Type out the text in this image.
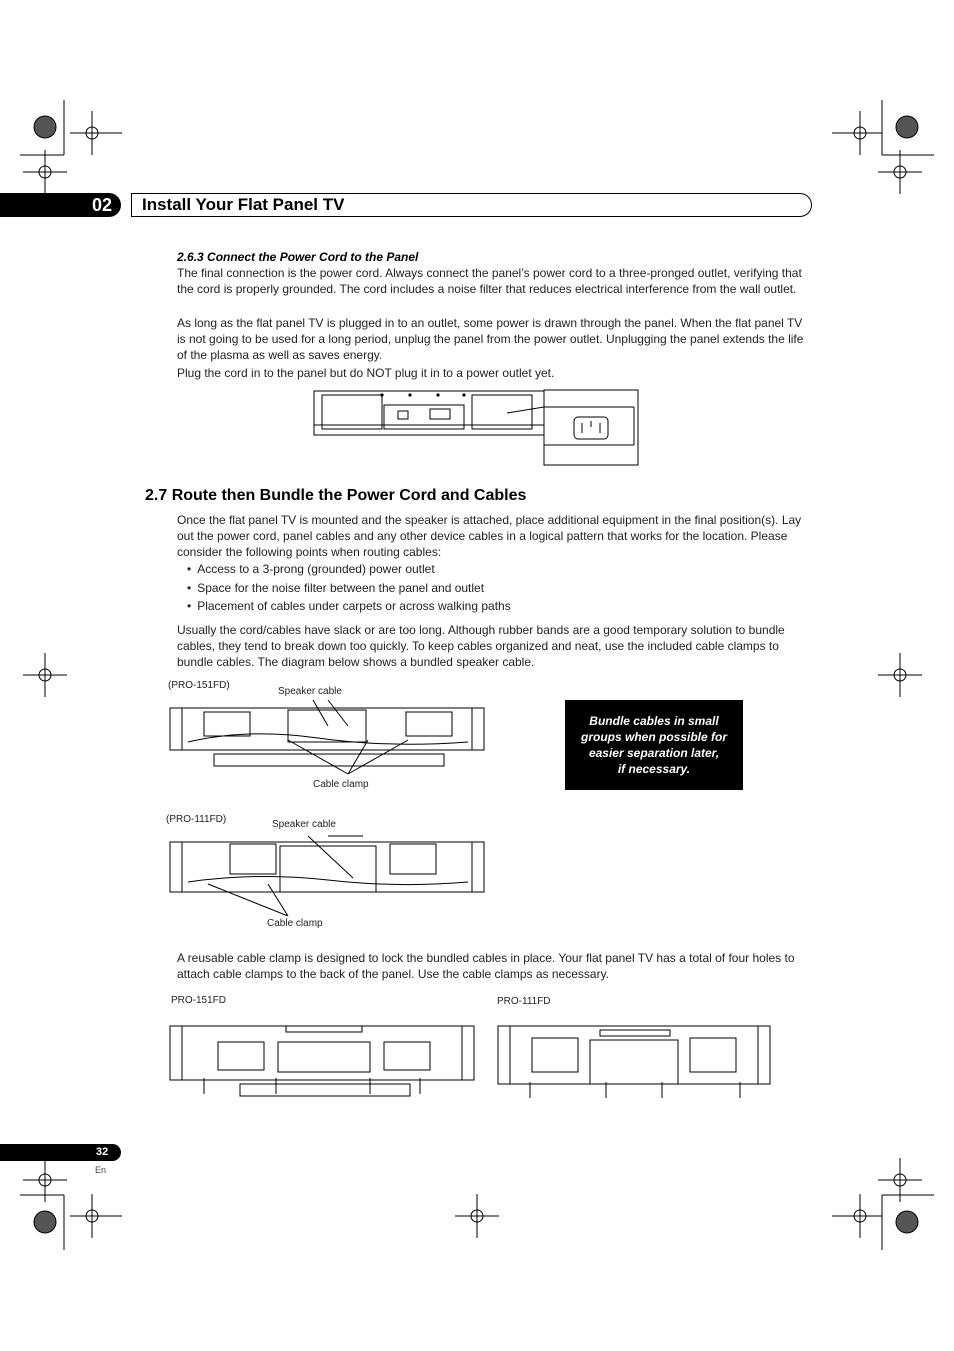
02	Install Your Flat Panel TV
2.6.3 Connect the Power Cord to the Panel

The final connection is the power cord. Always connect the panel’s power cord to a three-pronged outlet, verifying that the cord is properly grounded. The cord includes a noise filter that reduces electrical interference from the wall outlet.

As long as the flat panel TV is plugged in to an outlet, some power is drawn through the panel. When the flat panel TV is not going to be used for a long period, unplug the panel from the power outlet. Unplugging the panel extends the life of the plasma as well as saves energy.

Plug the cord in to the panel but do NOT plug it in to a power outlet yet.

2.7 Route then Bundle the Power Cord and Cables

Once the flat panel TV is mounted and the speaker is attached, place additional equipment in the final position(s). Lay out the power cord, panel cables and any other device cables in a logical pattern that works for the location. Please consider the following points when routing cables:

• Access to a 3-prong (grounded) power outlet
• Space for the noise filter between the panel and outlet
• Placement of cables under carpets or across walking paths

Usually the cord/cables have slack or are too long. Although rubber bands are a good temporary solution to bundle cables, they tend to break down too quickly. To keep cables organized and neat, use the included cable clamps to bundle cables. The diagram below shows a bundled speaker cable.

(PRO-151FD)
Speaker cable
Cable clamp
Bundle cables in small
groups when possible for
easier separation later,
if necessary.
(PRO-111FD)	Speaker cable
Cable clamp

A reusable cable clamp is designed to lock the bundled cables in place. Your flat panel TV has a total of four holes to attach cable clamps to the back of the panel. Use the cable clamps as necessary.

PRO-151FD	PRO-111FD
32
En
